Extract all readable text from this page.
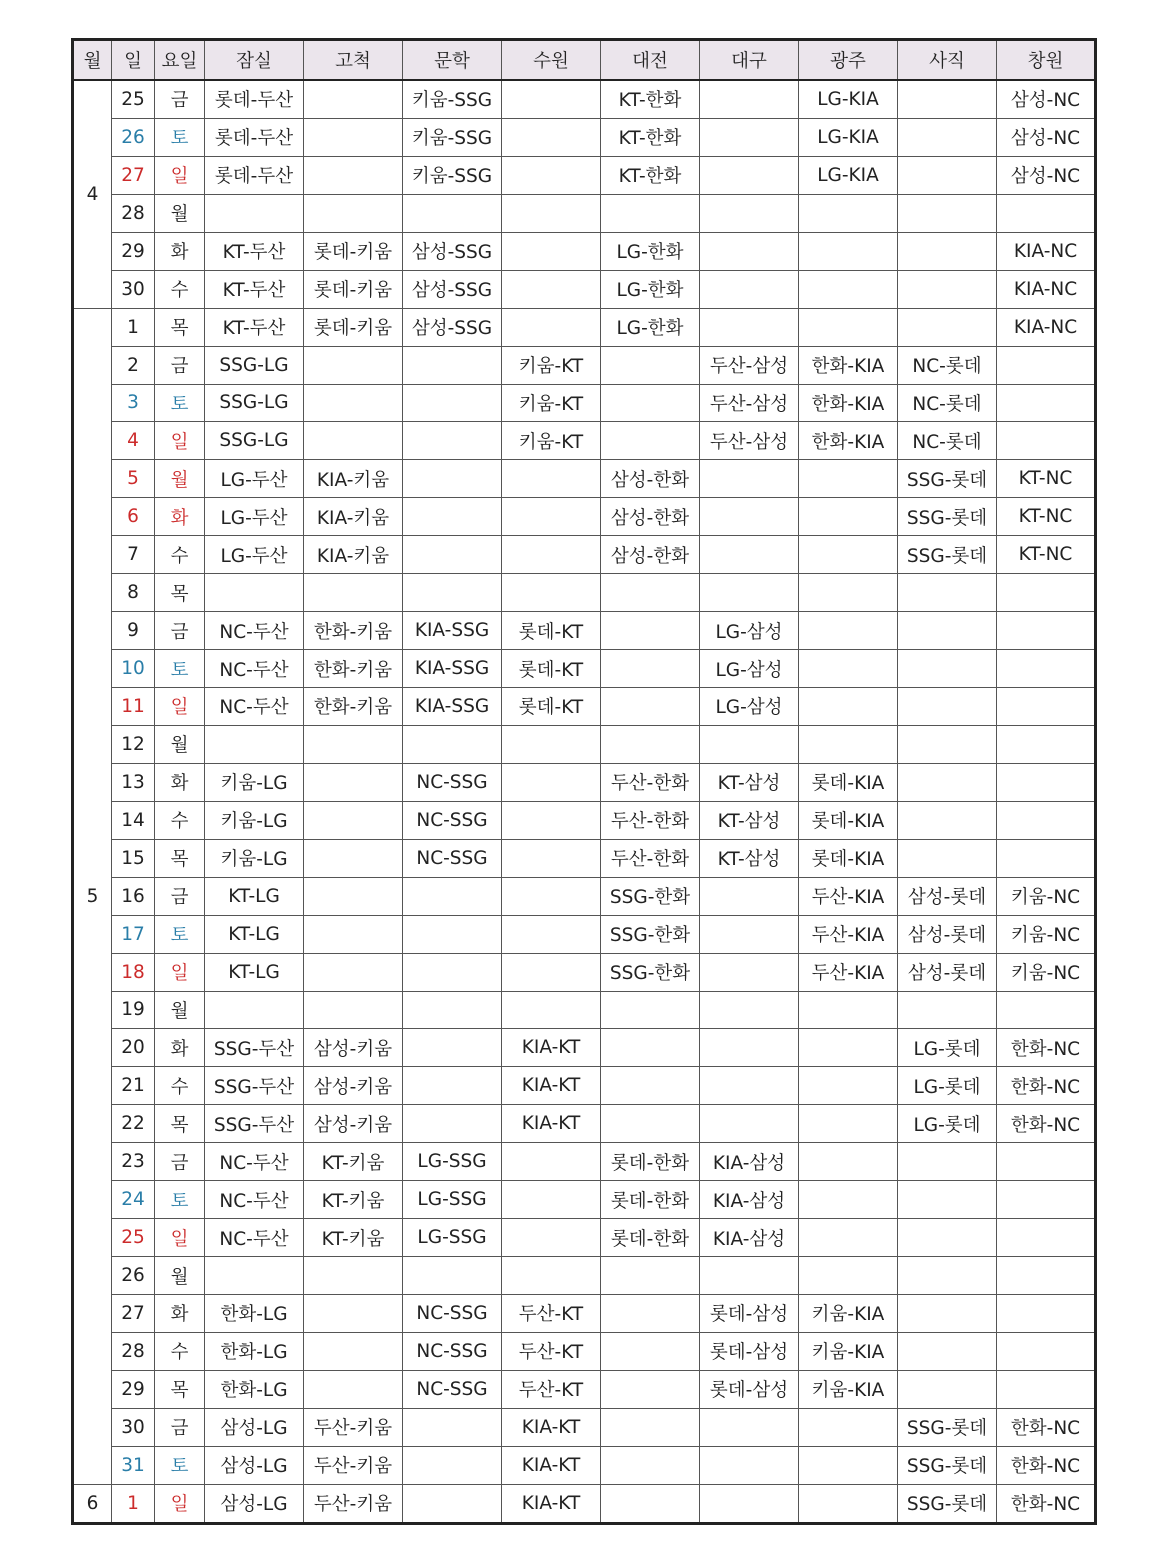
월	일	요일	잠실	고척	문학	수원	대전	대구	광주	사직	창원
4	25	금	롯데-두산		키움-SSG		KT-한화		LG-KIA		삼성-NC
	26	토	롯데-두산		키움-SSG		KT-한화		LG-KIA		삼성-NC
	27	일	롯데-두산		키움-SSG		KT-한화		LG-KIA		삼성-NC
	28	월									
	29	화	KT-두산	롯데-키움	삼성-SSG		LG-한화				KIA-NC
	30	수	KT-두산	롯데-키움	삼성-SSG		LG-한화				KIA-NC
5	1	목	KT-두산	롯데-키움	삼성-SSG		LG-한화				KIA-NC
	2	금	SSG-LG			키움-KT		두산-삼성	한화-KIA	NC-롯데	
	3	토	SSG-LG			키움-KT		두산-삼성	한화-KIA	NC-롯데	
	4	일	SSG-LG			키움-KT		두산-삼성	한화-KIA	NC-롯데	
	5	월	LG-두산	KIA-키움			삼성-한화			SSG-롯데	KT-NC
	6	화	LG-두산	KIA-키움			삼성-한화			SSG-롯데	KT-NC
	7	수	LG-두산	KIA-키움			삼성-한화			SSG-롯데	KT-NC
	8	목									
	9	금	NC-두산	한화-키움	KIA-SSG	롯데-KT		LG-삼성			
	10	토	NC-두산	한화-키움	KIA-SSG	롯데-KT		LG-삼성			
	11	일	NC-두산	한화-키움	KIA-SSG	롯데-KT		LG-삼성			
	12	월									
	13	화	키움-LG		NC-SSG		두산-한화	KT-삼성	롯데-KIA		
	14	수	키움-LG		NC-SSG		두산-한화	KT-삼성	롯데-KIA		
	15	목	키움-LG		NC-SSG		두산-한화	KT-삼성	롯데-KIA		
	16	금	KT-LG				SSG-한화		두산-KIA	삼성-롯데	키움-NC
	17	토	KT-LG				SSG-한화		두산-KIA	삼성-롯데	키움-NC
	18	일	KT-LG				SSG-한화		두산-KIA	삼성-롯데	키움-NC
	19	월									
	20	화	SSG-두산	삼성-키움		KIA-KT				LG-롯데	한화-NC
	21	수	SSG-두산	삼성-키움		KIA-KT				LG-롯데	한화-NC
	22	목	SSG-두산	삼성-키움		KIA-KT				LG-롯데	한화-NC
	23	금	NC-두산	KT-키움	LG-SSG		롯데-한화	KIA-삼성			
	24	토	NC-두산	KT-키움	LG-SSG		롯데-한화	KIA-삼성			
	25	일	NC-두산	KT-키움	LG-SSG		롯데-한화	KIA-삼성			
	26	월									
	27	화	한화-LG		NC-SSG	두산-KT		롯데-삼성	키움-KIA		
	28	수	한화-LG		NC-SSG	두산-KT		롯데-삼성	키움-KIA		
	29	목	한화-LG		NC-SSG	두산-KT		롯데-삼성	키움-KIA		
	30	금	삼성-LG	두산-키움		KIA-KT				SSG-롯데	한화-NC
	31	토	삼성-LG	두산-키움		KIA-KT				SSG-롯데	한화-NC
6	1	일	삼성-LG	두산-키움		KIA-KT				SSG-롯데	한화-NC
